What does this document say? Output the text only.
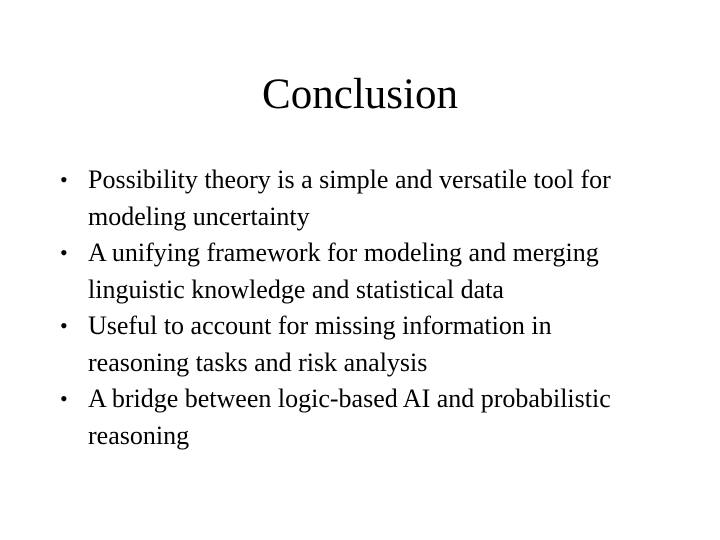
Conclusion
• Possibility theory is a simple and versatile tool for
modeling uncertainty
• A unifying framework for modeling and merging
linguistic knowledge and statistical data
• Useful to account for missing information in
reasoning tasks and risk analysis
• A bridge between logic-based AI and probabilistic
reasoning
